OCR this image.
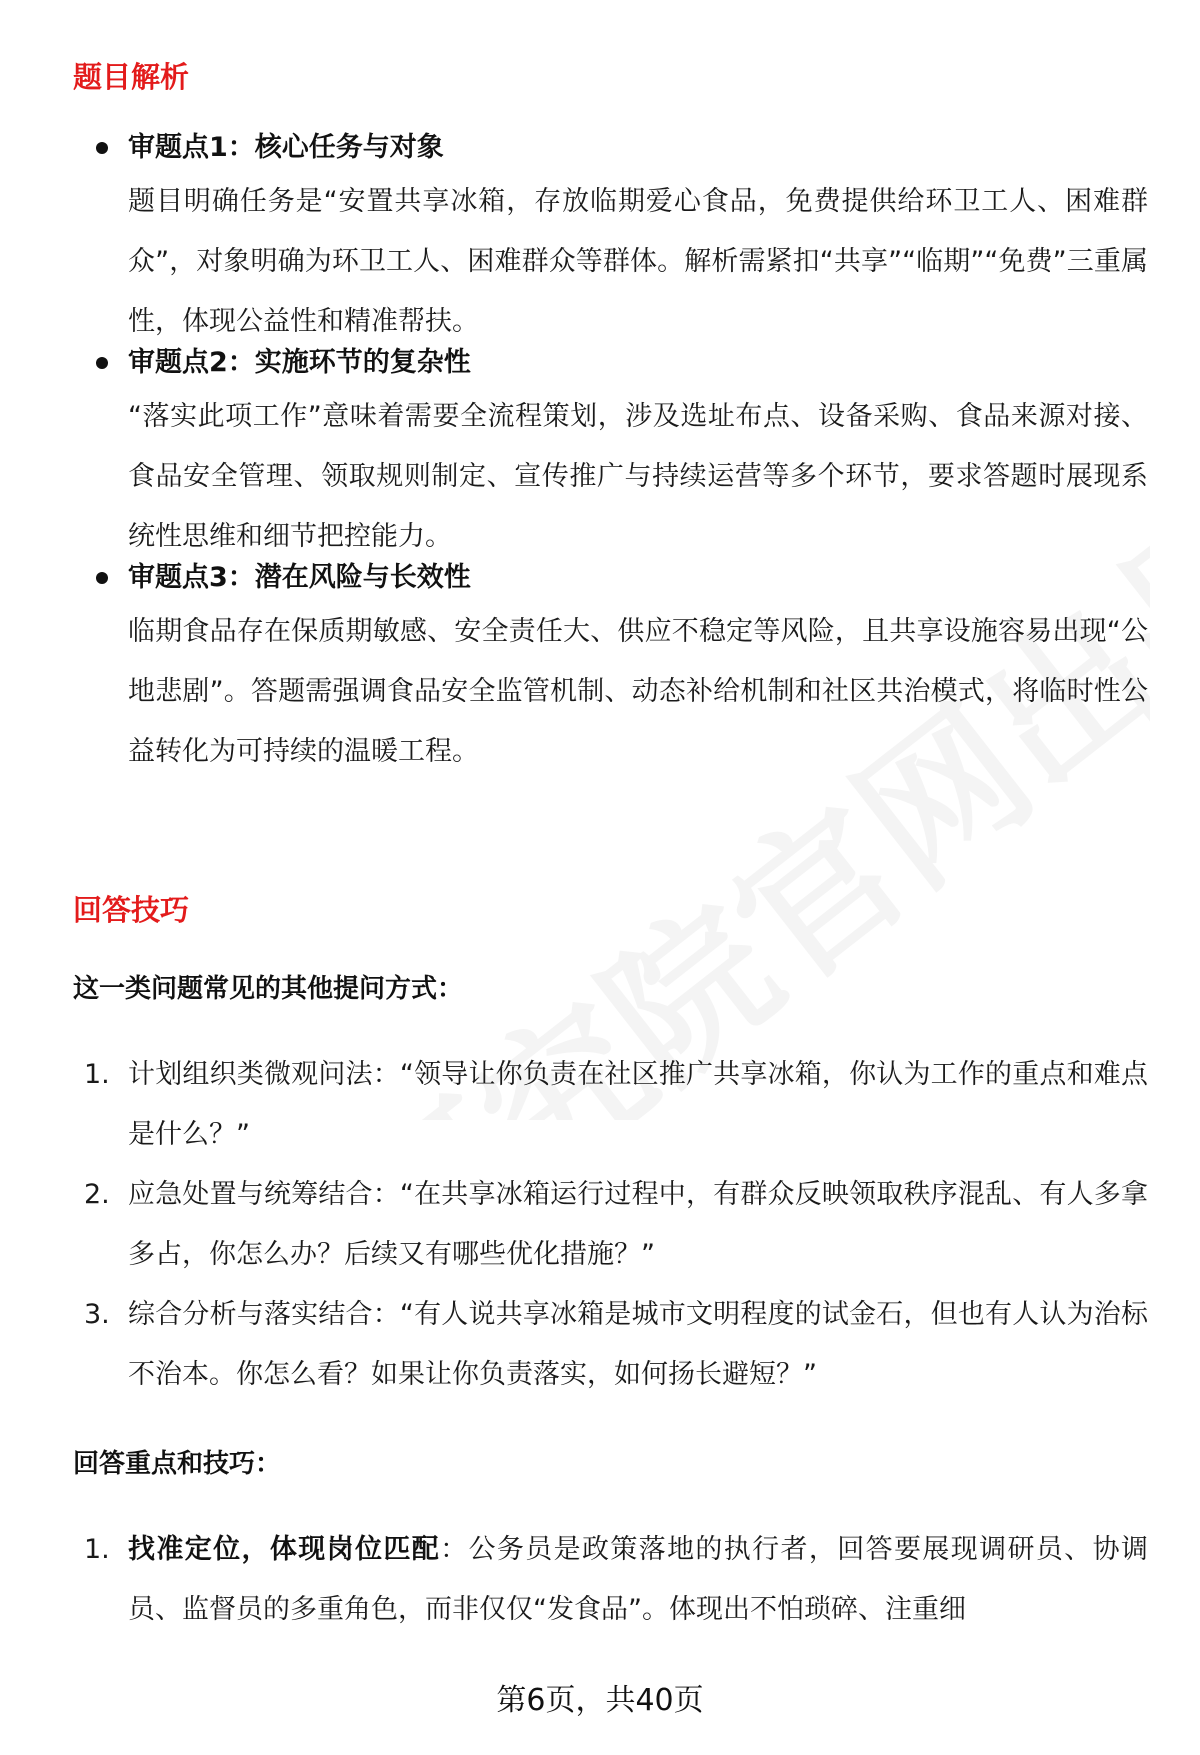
题目解析
审题点1：核心任务与对象
题目明确任务是“安置共享冰箱，存放临期爱心食品，免费提供给环卫工人、困难群众”，对象明确为环卫工人、困难群众等群体。解析需紧扣“共享”“临期”“免费”三重属性，体现公益性和精准帮扶。
审题点2：实施环节的复杂性
“落实此项工作”意味着需要全流程策划，涉及选址布点、设备采购、食品来源对接、食品安全管理、领取规则制定、宣传推广与持续运营等多个环节，要求答题时展现系统性思维和细节把控能力。
审题点3：潜在风险与长效性
临期食品存在保质期敏感、安全责任大、供应不稳定等风险，且共享设施容易出现“公地悲剧”。答题需强调食品安全监管机制、动态补给机制和社区共治模式，将临时性公益转化为可持续的温暖工程。
回答技巧
这一类问题常见的其他提问方式：
1. 计划组织类微观问法：“领导让你负责在社区推广共享冰箱，你认为工作的重点和难点是什么？”
2. 应急处置与统筹结合：“在共享冰箱运行过程中，有群众反映领取秩序混乱、有人多拿多占，你怎么办？后续又有哪些优化措施？”
3. 综合分析与落实结合：“有人说共享冰箱是城市文明程度的试金石，但也有人认为治标不治本。你怎么看？如果让你负责落实，如何扬长避短？”
回答重点和技巧：
1. 找准定位，体现岗位匹配：公务员是政策落地的执行者，回答要展现调研员、协调员、监督员的多重角色，而非仅仅“发食品”。体现出不怕琐碎、注重细
第6页，共40页
